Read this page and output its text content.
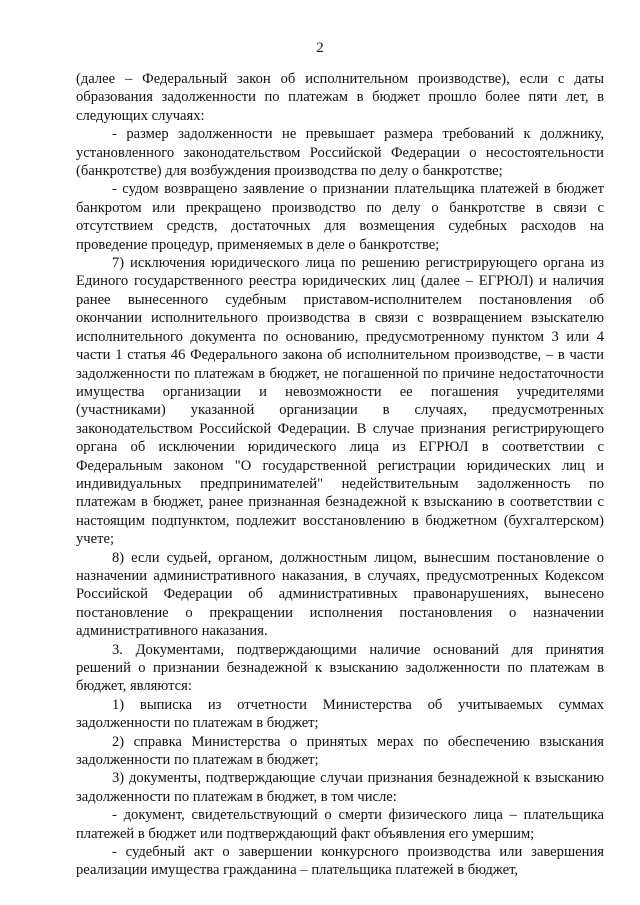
2

(далее – Федеральный закон об исполнительном производстве), если с даты образования задолженности по платежам в бюджет прошло более пяти лет, в следующих случаях:

- размер задолженности не превышает размера требований к должнику, установленного законодательством Российской Федерации о несостоятельности (банкротстве) для возбуждения производства по делу о банкротстве;

- судом возвращено заявление о признании плательщика платежей в бюджет банкротом или прекращено производство по делу о банкротстве в связи с отсутствием средств, достаточных для возмещения судебных расходов на проведение процедур, применяемых в деле о банкротстве;

7) исключения юридического лица по решению регистрирующего органа из Единого государственного реестра юридических лиц (далее – ЕГРЮЛ) и наличия ранее вынесенного судебным приставом-исполнителем постановления об окончании исполнительного производства в связи с возвращением взыскателю исполнительного документа по основанию, предусмотренному пунктом 3 или 4 части 1 статья 46 Федерального закона об исполнительном производстве, – в части задолженности по платежам в бюджет, не погашенной по причине недостаточности имущества организации и невозможности ее погашения учредителями (участниками) указанной организации в случаях, предусмотренных законодательством Российской Федерации. В случае признания регистрирующего органа об исключении юридического лица из ЕГРЮЛ в соответствии с Федеральным законом "О государственной регистрации юридических лиц и индивидуальных предпринимателей" недействительным задолженность по платежам в бюджет, ранее признанная безнадежной к взысканию в соответствии с настоящим подпунктом, подлежит восстановлению в бюджетном (бухгалтерском) учете;

8) если судьей, органом, должностным лицом, вынесшим постановление о назначении административного наказания, в случаях, предусмотренных Кодексом Российской Федерации об административных правонарушениях, вынесено постановление о прекращении исполнения постановления о назначении административного наказания.

3. Документами, подтверждающими наличие оснований для принятия решений о признании безнадежной к взысканию задолженности по платежам в бюджет, являются:

1) выписка из отчетности Министерства об учитываемых суммах задолженности по платежам в бюджет;

2) справка Министерства о принятых мерах по обеспечению взыскания задолженности по платежам в бюджет;

3) документы, подтверждающие случаи признания безнадежной к взысканию задолженности по платежам в бюджет, в том числе:

- документ, свидетельствующий о смерти физического лица – плательщика платежей в бюджет или подтверждающий факт объявления его умершим;

- судебный акт о завершении конкурсного производства или завершения реализации имущества гражданина – плательщика платежей в бюджет,
